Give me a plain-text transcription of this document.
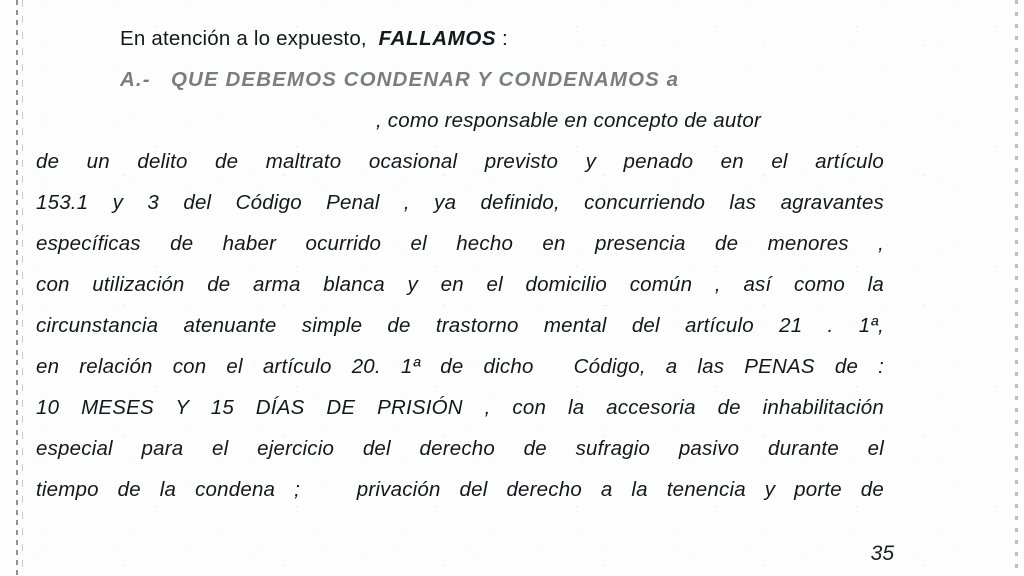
En atención a lo expuesto,  FALLAMOS :
A.-   QUE DEBEMOS CONDENAR Y CONDENAMOS a
, como responsable en concepto de autor
de un delito de maltrato ocasional previsto y penado en el artículo
153.1 y 3 del Código Penal , ya definido, concurriendo las agravantes
específicas de haber ocurrido el hecho en presencia de menores ,
con utilización de arma blanca y en el domicilio común , así como la
circunstancia atenuante simple de trastorno mental del artículo 21 . 1ª,
en relación con el artículo 20. 1ª de dicho  Código, a las PENAS de :
10 MESES Y 15 DÍAS DE PRISIÓN , con la accesoria de inhabilitación
especial para el ejercicio del derecho de sufragio pasivo durante el
tiempo de la condena ;   privación del derecho a la tenencia y porte de
35
